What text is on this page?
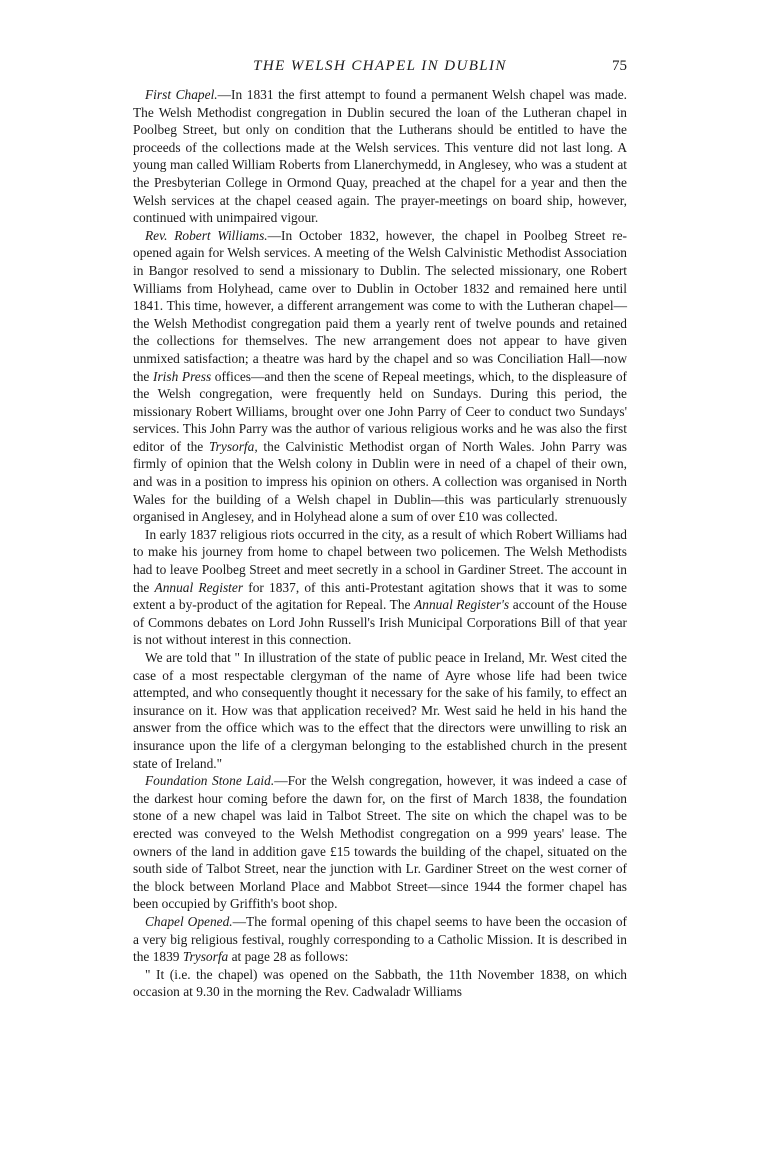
THE WELSH CHAPEL IN DUBLIN	75

First Chapel.—In 1831 the first attempt to found a permanent Welsh chapel was made. The Welsh Methodist congregation in Dublin secured the loan of the Lutheran chapel in Poolbeg Street, but only on condition that the Lutherans should be entitled to have the proceeds of the collections made at the Welsh services. This venture did not last long. A young man called William Roberts from Llanerchymedd, in Anglesey, who was a student at the Presbyterian College in Ormond Quay, preached at the chapel for a year and then the Welsh services at the chapel ceased again. The prayer-meetings on board ship, however, continued with unimpaired vigour.

Rev. Robert Williams.—In October 1832, however, the chapel in Poolbeg Street re-opened again for Welsh services. A meeting of the Welsh Calvinistic Methodist Association in Bangor resolved to send a missionary to Dublin. The selected missionary, one Robert Williams from Holyhead, came over to Dublin in October 1832 and remained here until 1841. This time, however, a different arrangement was come to with the Lutheran chapel—the Welsh Methodist congregation paid them a yearly rent of twelve pounds and retained the collections for themselves. The new arrangement does not appear to have given unmixed satisfaction; a theatre was hard by the chapel and so was Conciliation Hall—now the Irish Press offices—and then the scene of Repeal meetings, which, to the displeasure of the Welsh congregation, were frequently held on Sundays. During this period, the missionary Robert Williams, brought over one John Parry of Ceer to conduct two Sundays' services. This John Parry was the author of various religious works and he was also the first editor of the Trysorfa, the Calvinistic Methodist organ of North Wales. John Parry was firmly of opinion that the Welsh colony in Dublin were in need of a chapel of their own, and was in a position to impress his opinion on others. A collection was organised in North Wales for the building of a Welsh chapel in Dublin—this was particularly strenuously organised in Anglesey, and in Holyhead alone a sum of over £10 was collected.

In early 1837 religious riots occurred in the city, as a result of which Robert Williams had to make his journey from home to chapel between two policemen. The Welsh Methodists had to leave Poolbeg Street and meet secretly in a school in Gardiner Street. The account in the Annual Register for 1837, of this anti-Protestant agitation shows that it was to some extent a by-product of the agitation for Repeal. The Annual Register's account of the House of Commons debates on Lord John Russell's Irish Municipal Corporations Bill of that year is not without interest in this connection.

We are told that " In illustration of the state of public peace in Ireland, Mr. West cited the case of a most respectable clergyman of the name of Ayre whose life had been twice attempted, and who consequently thought it necessary for the sake of his family, to effect an insurance on it. How was that application received? Mr. West said he held in his hand the answer from the office which was to the effect that the directors were unwilling to risk an insurance upon the life of a clergyman belonging to the established church in the present state of Ireland."

Foundation Stone Laid.—For the Welsh congregation, however, it was indeed a case of the darkest hour coming before the dawn for, on the first of March 1838, the foundation stone of a new chapel was laid in Talbot Street. The site on which the chapel was to be erected was conveyed to the Welsh Methodist congregation on a 999 years' lease. The owners of the land in addition gave £15 towards the building of the chapel, situated on the south side of Talbot Street, near the junction with Lr. Gardiner Street on the west corner of the block between Morland Place and Mabbot Street—since 1944 the former chapel has been occupied by Griffith's boot shop.

Chapel Opened.—The formal opening of this chapel seems to have been the occasion of a very big religious festival, roughly corresponding to a Catholic Mission. It is described in the 1839 Trysorfa at page 28 as follows:

" It (i.e. the chapel) was opened on the Sabbath, the 11th November 1838, on which occasion at 9.30 in the morning the Rev. Cadwaladr Williams
